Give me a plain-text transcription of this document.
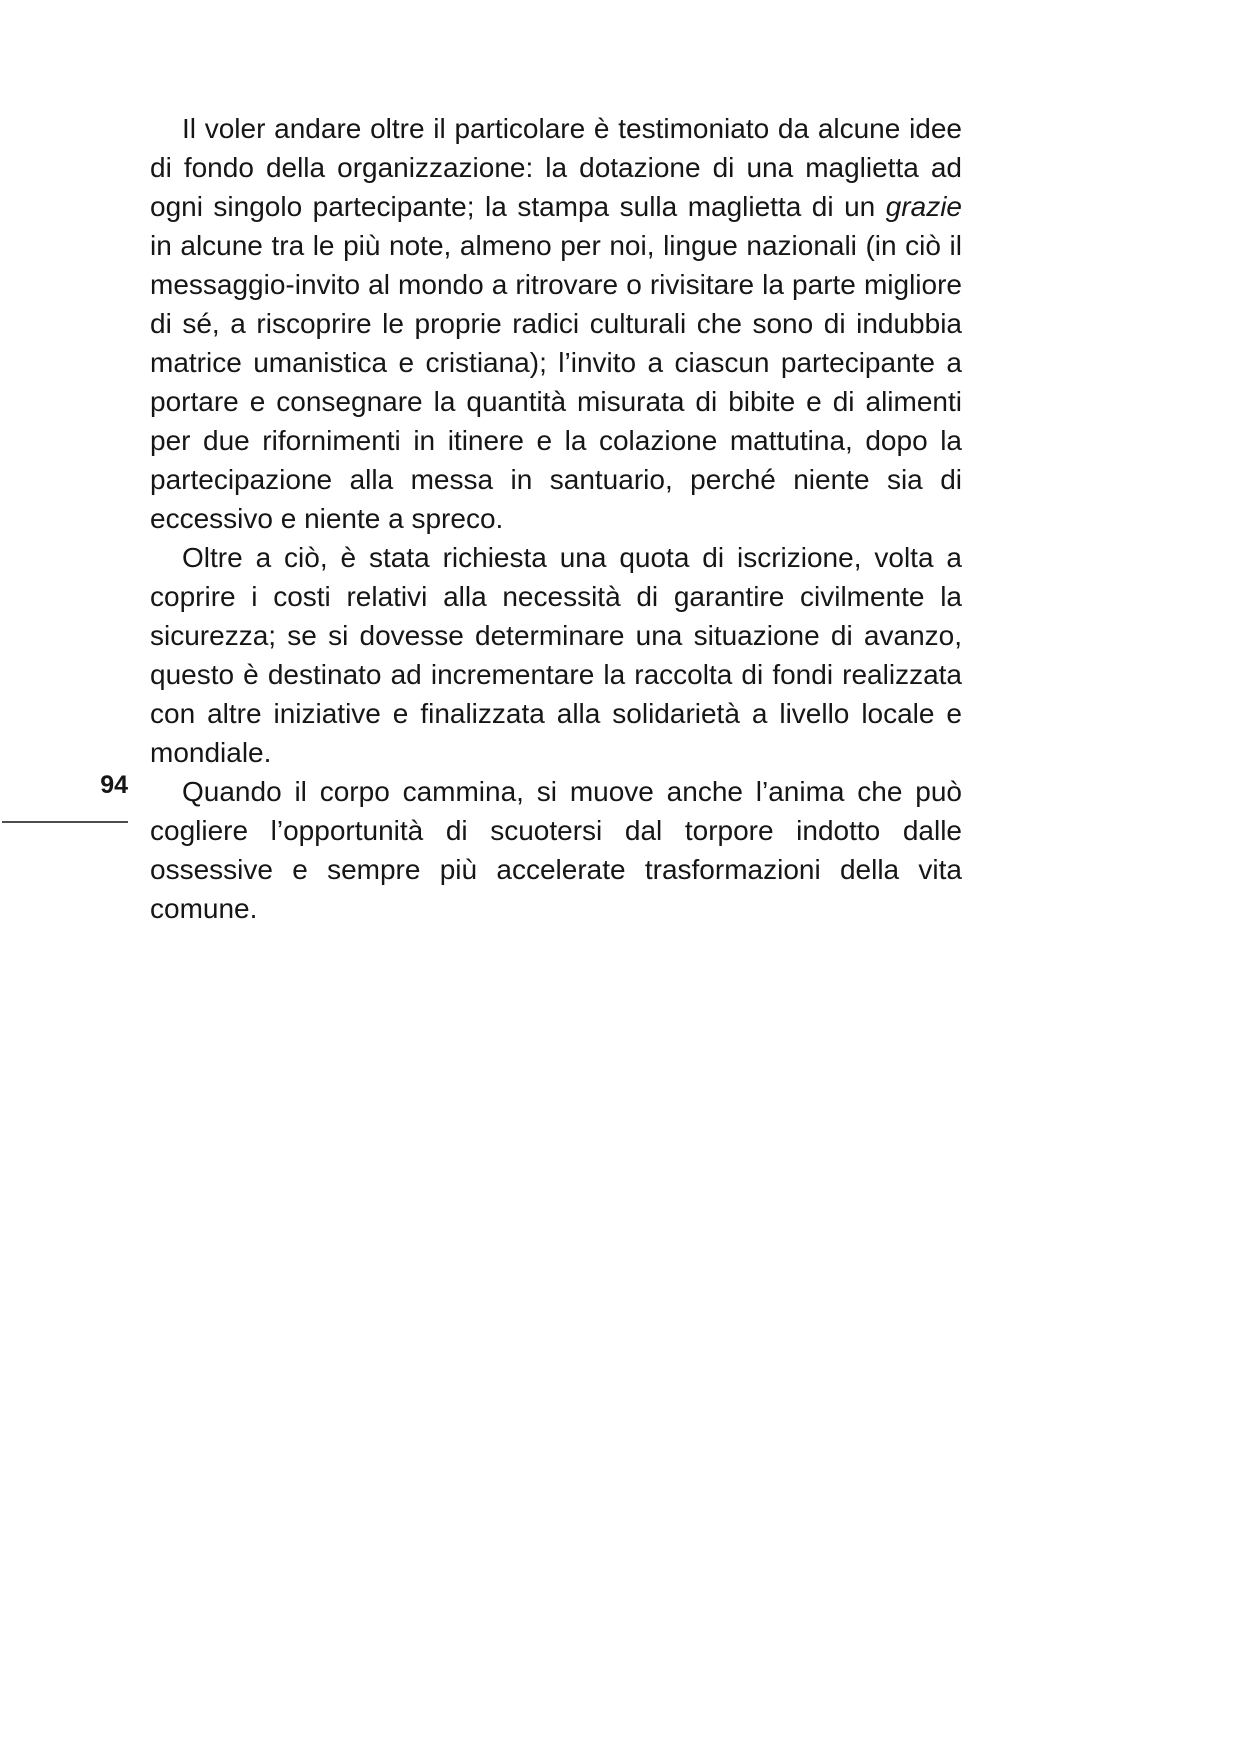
94

Il voler andare oltre il particolare è testimoniato da alcune idee di fondo della organizzazione: la dotazione di una maglietta ad ogni singolo partecipante; la stampa sulla maglietta di un grazie in alcune tra le più note, almeno per noi, lingue nazionali (in ciò il messaggio-invito al mondo a ritrovare o rivisitare la parte migliore di sé, a riscoprire le proprie radici culturali che sono di indubbia matrice umanistica e cristiana); l’invito a ciascun partecipante a portare e consegnare la quantità misurata di bibite e di alimenti per due rifornimenti in itinere e la colazione mattutina, dopo la partecipazione alla messa in santuario, perché niente sia di eccessivo e niente a spreco.

Oltre a ciò, è stata richiesta una quota di iscrizione, volta a coprire i costi relativi alla necessità di garantire civilmente la sicurezza; se si dovesse determinare una situazione di avanzo, questo è destinato ad incrementare la raccolta di fondi realizzata con altre iniziative e finalizzata alla solidarietà a livello locale e mondiale.

Quando il corpo cammina, si muove anche l’anima che può cogliere l’opportunità di scuotersi dal torpore indotto dalle ossessive e sempre più accelerate trasformazioni della vita comune.
